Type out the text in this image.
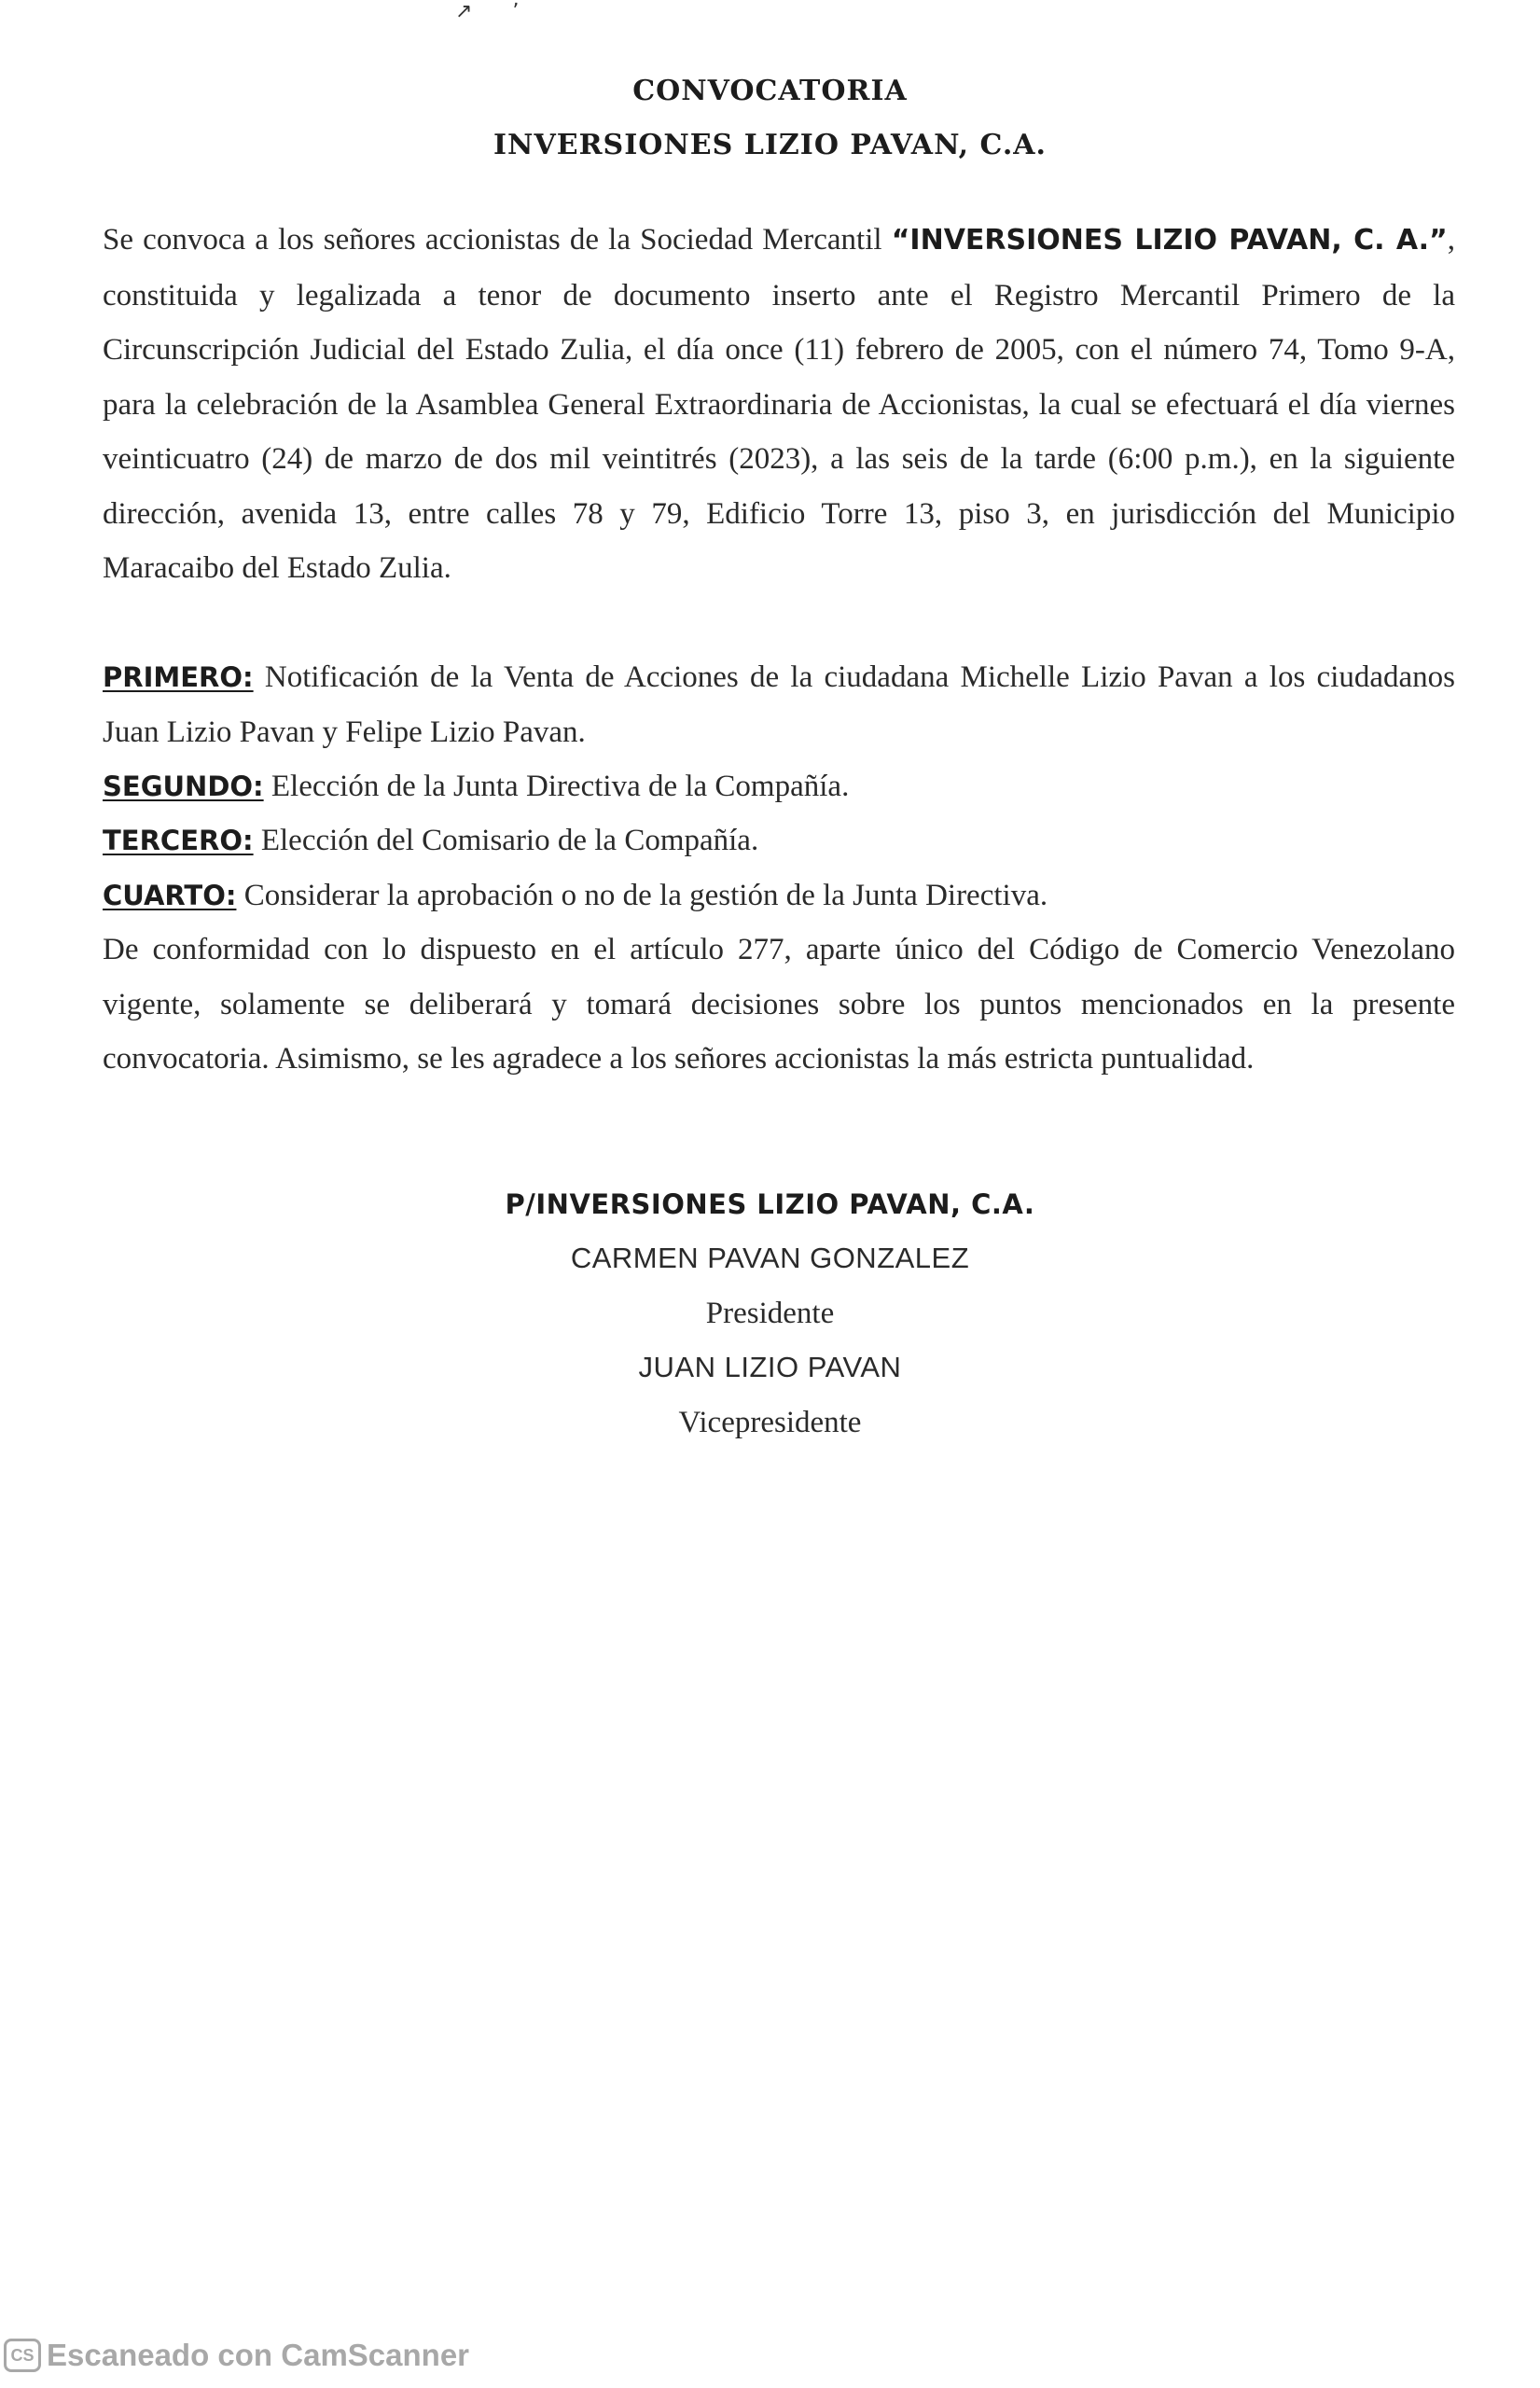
↗ ʼ
CONVOCATORIA
INVERSIONES LIZIO PAVAN, C.A.
Se convoca a los señores accionistas de la Sociedad Mercantil “INVERSIONES LIZIO PAVAN, C. A.”, constituida y legalizada a tenor de documento inserto ante el Registro Mercantil Primero de la Circunscripción Judicial del Estado Zulia, el día once (11) febrero de 2005, con el número 74, Tomo 9-A, para la celebración de la Asamblea General Extraordinaria de Accionistas, la cual se efectuará el día viernes veinticuatro (24) de marzo de dos mil veintitrés (2023), a las seis de la tarde (6:00 p.m.), en la siguiente dirección, avenida 13, entre calles 78 y 79, Edificio Torre 13, piso 3, en jurisdicción del Municipio Maracaibo del Estado Zulia.
PRIMERO: Notificación de la Venta de Acciones de la ciudadana Michelle Lizio Pavan a los ciudadanos Juan Lizio Pavan y Felipe Lizio Pavan.
SEGUNDO: Elección de la Junta Directiva de la Compañía.
TERCERO: Elección del Comisario de la Compañía.
CUARTO: Considerar la aprobación o no de la gestión de la Junta Directiva.
De conformidad con lo dispuesto en el artículo 277, aparte único del Código de Comercio Venezolano vigente, solamente se deliberará y tomará decisiones sobre los puntos mencionados en la presente convocatoria. Asimismo, se les agradece a los señores accionistas la más estricta puntualidad.
P/INVERSIONES LIZIO PAVAN, C.A.
CARMEN PAVAN GONZALEZ
Presidente
JUAN LIZIO PAVAN
Vicepresidente
CS Escaneado con CamScanner
